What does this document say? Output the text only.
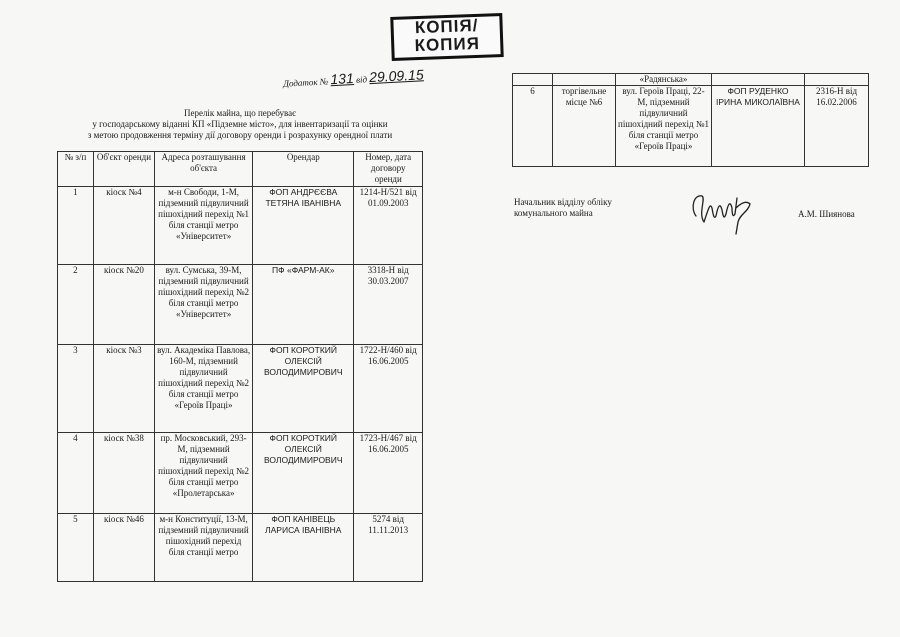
КОПІЯ/
КОПИЯ
Додаток № 131 від 29.09.15
Перелік майна, що перебуває
у господарському віданні КП «Підземне місто», для інвентаризації та оцінки
з метою продовження терміну дії договору оренди і розрахунку орендної плати
№ з/п	Об'єкт оренди	Адреса розташування об'єкта	Орендар	Номер, дата договору оренди
1	кіоск №4	м-н Свободи, 1-М, підземний підвуличний пішохідний перехід №1 біля станції метро «Університет»	ФОП АНДРЄЄВА ТЕТЯНА ІВАНІВНА	1214-Н/521 від 01.09.2003
2	кіоск №20	вул. Сумська, 39-М, підземний підвуличний пішохідний перехід №2 біля станції метро «Університет»	ПФ «ФАРМ-АК»	3318-Н від 30.03.2007
3	кіоск №3	вул. Академіка Павлова, 160-М, підземний підвуличний пішохідний перехід №2 біля станції метро «Героїв Праці»	ФОП КОРОТКИЙ ОЛЕКСІЙ ВОЛОДИМИРОВИЧ	1722-Н/460 від 16.06.2005
4	кіоск №38	пр. Московський, 293-М, підземний підвуличний пішохідний перехід №2 біля станції метро «Пролетарська»	ФОП КОРОТКИЙ ОЛЕКСІЙ ВОЛОДИМИРОВИЧ	1723-Н/467 від 16.06.2005
5	кіоск №46	м-н Конституції, 13-М, підземний підвуличний пішохідний перехід біля станції метро	ФОП КАНІВЕЦЬ ЛАРИСА ІВАНІВНА	5274 від 11.11.2013
		«Радянська»		
6	торгівельне місце №6	вул. Героїв Праці, 22-М, підземний підвуличний пішохідний перехід №1 біля станції метро «Героїв Праці»	ФОП РУДЕНКО ІРИНА МИКОЛАЇВНА	2316-Н від 16.02.2006
Начальник відділу обліку
комунального майна	А.М. Шиянова
